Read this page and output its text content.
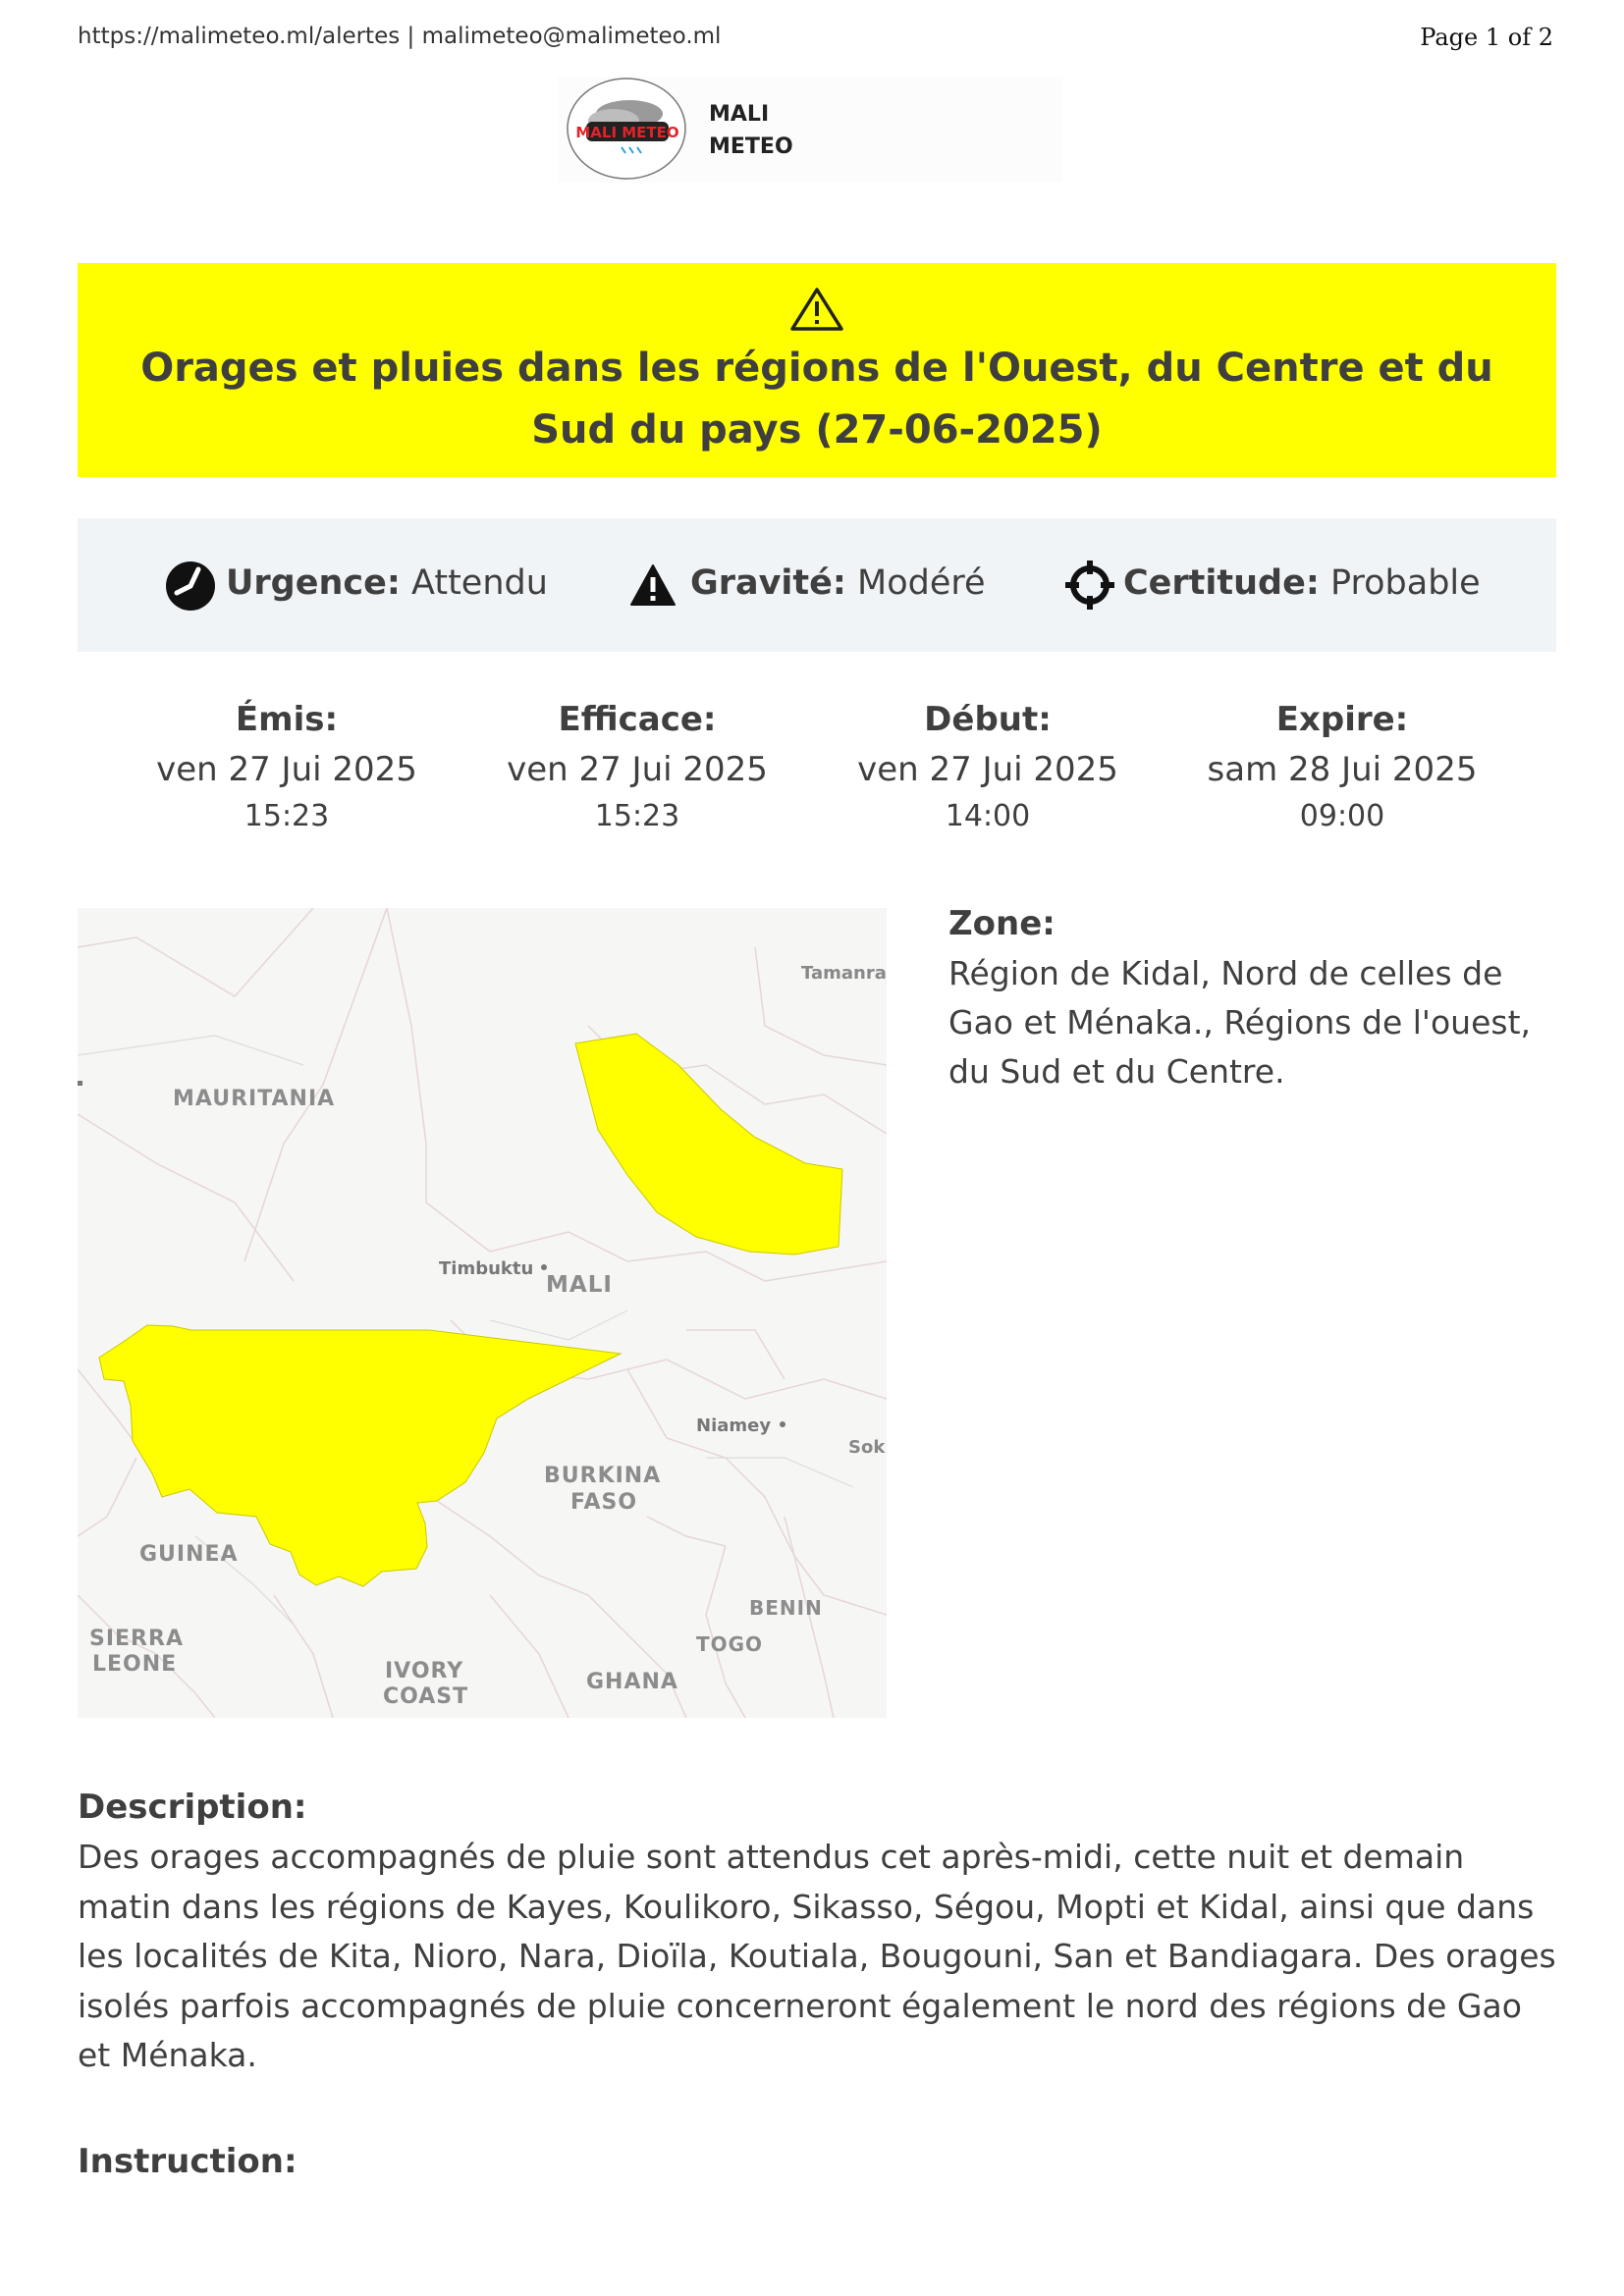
https://malimeteo.ml/alertes | malimeteo@malimeteo.ml	Page 1 of 2
MALI METEO
MALI
METEO
Orages et pluies dans les régions de l'Ouest, du Centre et du Sud du pays (27-06-2025)
Urgence: Attendu	Gravité: Modéré	Certitude: Probable
Émis:
ven 27 Jui 2025
15:23
Efficace:
ven 27 Jui 2025
15:23
Début:
ven 27 Jui 2025
14:00
Expire:
sam 28 Jui 2025
09:00
MAURITANIA
MALI
Timbuktu
Tamanra
Niamey
Sok
BURKINA
FASO
GUINEA
SIERRA
LEONE	IVORY
COAST
GHANA
TOGO
BENIN
Zone:
Région de Kidal, Nord de celles de Gao et Ménaka., Régions de l'ouest, du Sud et du Centre.
Description:
Des orages accompagnés de pluie sont attendus cet après-midi, cette nuit et demain matin dans les régions de Kayes, Koulikoro, Sikasso, Ségou, Mopti et Kidal, ainsi que dans les localités de Kita, Nioro, Nara, Dioïla, Koutiala, Bougouni, San et Bandiagara. Des orages isolés parfois accompagnés de pluie concerneront également le nord des régions de Gao et Ménaka.
Instruction:
